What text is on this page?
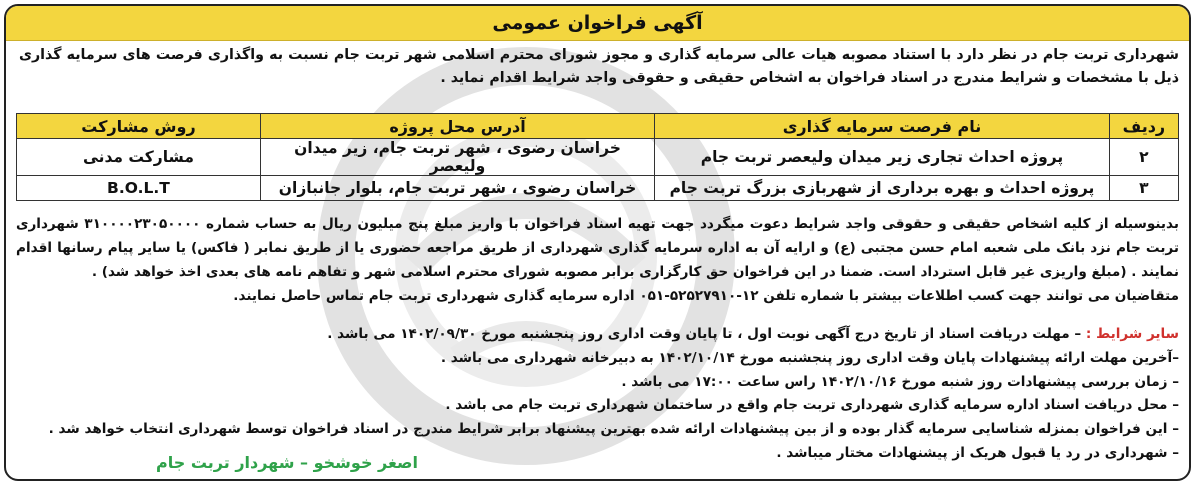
آگهی فراخوان عمومی
شهرداری تربت جام در نظر دارد با استناد مصوبه هیات عالی سرمایه گذاری و مجوز شورای محترم اسلامی شهر تربت جام نسبت به واگذاری فرصت های سرمایه گذاری ذیل با مشخصات و شرایط مندرج در اسناد فراخوان به اشخاص حقیقی و حقوقی واجد شرایط اقدام نماید .
ردیف	نام فرصت سرمایه گذاری	آدرس محل پروژه	روش مشارکت
۲	پروژه احداث تجاری زیر میدان ولیعصر تربت جام	خراسان رضوی ، شهر تربت جام، زیر میدان ولیعصر	مشارکت مدنی
۳	پروژه احداث و بهره برداری از شهربازی بزرگ تربت جام	خراسان رضوی ، شهر تربت جام، بلوار جانبازان	B.O.L.T

بدینوسیله از کلیه اشخاص حقیقی و حقوقی واجد شرایط دعوت میگردد جهت تهیه اسناد فراخوان با واریز مبلغ پنج میلیون ریال به حساب شماره ۳۱۰۰۰۰۲۳۰۵۰۰۰۰ شهرداری تربت جام نزد بانک ملی شعبه امام حسن مجتبی (ع) و ارایه آن به اداره سرمایه گذاری شهرداری از طریق مراجعه حضوری یا از طریق نمابر ( فاکس) یا سایر پیام رسانها اقدام نمایند . (مبلغ واریزی غیر قابل استرداد است. ضمنا در این فراخوان حق کارگزاری برابر مصوبه شورای محترم اسلامی شهر و تفاهم نامه های بعدی اخذ خواهد شد) .

متقاضیان می توانند جهت کسب اطلاعات بیشتر با شماره تلفن ۱۲-۵۲۵۲۷۹۱۰-۰۵۱ اداره سرمایه گذاری شهرداری تربت جام تماس حاصل نمایند.

سایر شرایط : – مهلت دریافت اسناد از تاریخ درج آگهی نوبت اول ، تا پایان وقت اداری روز پنجشنبه مورخ ۱۴۰۲/۰۹/۳۰ می باشد .

–آخرین مهلت ارائه پیشنهادات پایان وقت اداری روز پنجشنبه مورخ ۱۴۰۲/۱۰/۱۴ به دبیرخانه شهرداری می باشد .

– زمان بررسی پیشنهادات روز شنبه مورخ ۱۴۰۲/۱۰/۱۶ راس ساعت ۱۷:۰۰ می باشد .

– محل دریافت اسناد اداره سرمایه گذاری شهرداری تربت جام واقع در ساختمان شهرداری تربت جام می باشد .

– این فراخوان بمنزله شناسایی سرمایه گذار بوده و از بین پیشنهادات ارائه شده بهترین پیشنهاد برابر شرایط مندرج در اسناد فراخوان توسط شهرداری انتخاب خواهد شد .

– شهرداری در رد یا قبول هریک از پیشنهادات مختار میباشد .

اصغر خوشخو – شهردار تربت جام
